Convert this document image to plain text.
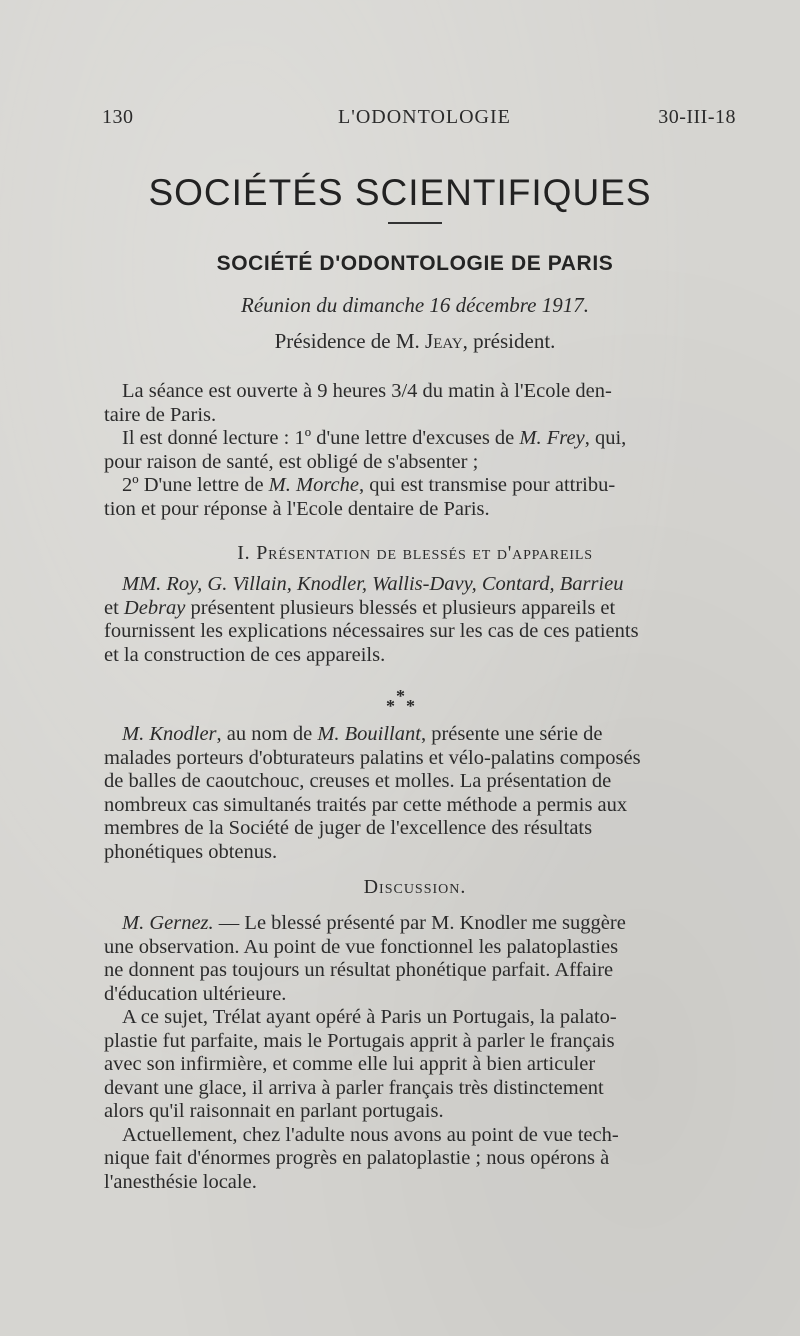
130	L'ODONTOLOGIE	30-III-18
SOCIÉTÉS SCIENTIFIQUES
SOCIÉTÉ D'ODONTOLOGIE DE PARIS
Réunion du dimanche 16 décembre 1917.
Présidence de M. Jeay, président.
La séance est ouverte à 9 heures 3/4 du matin à l'Ecole den-
taire de Paris.
Il est donné lecture : 1º d'une lettre d'excuses de M. Frey, qui,
pour raison de santé, est obligé de s'absenter ;
2º D'une lettre de M. Morche, qui est transmise pour attribu-
tion et pour réponse à l'Ecole dentaire de Paris.
I. Présentation de blessés et d'appareils
MM. Roy, G. Villain, Knodler, Wallis-Davy, Contard, Barrieu
et Debray présentent plusieurs blessés et plusieurs appareils et
fournissent les explications nécessaires sur les cas de ces patients
et la construction de ces appareils.
*
* *
M. Knodler, au nom de M. Bouillant, présente une série de
malades porteurs d'obturateurs palatins et vélo-palatins composés
de balles de caoutchouc, creuses et molles. La présentation de
nombreux cas simultanés traités par cette méthode a permis aux
membres de la Société de juger de l'excellence des résultats
phonétiques obtenus.
Discussion.
M. Gernez. — Le blessé présenté par M. Knodler me suggère
une observation. Au point de vue fonctionnel les palatoplasties
ne donnent pas toujours un résultat phonétique parfait. Affaire
d'éducation ultérieure.
A ce sujet, Trélat ayant opéré à Paris un Portugais, la palato-
plastie fut parfaite, mais le Portugais apprit à parler le français
avec son infirmière, et comme elle lui apprit à bien articuler
devant une glace, il arriva à parler français très distinctement
alors qu'il raisonnait en parlant portugais.
Actuellement, chez l'adulte nous avons au point de vue tech-
nique fait d'énormes progrès en palatoplastie ; nous opérons à
l'anesthésie locale.
